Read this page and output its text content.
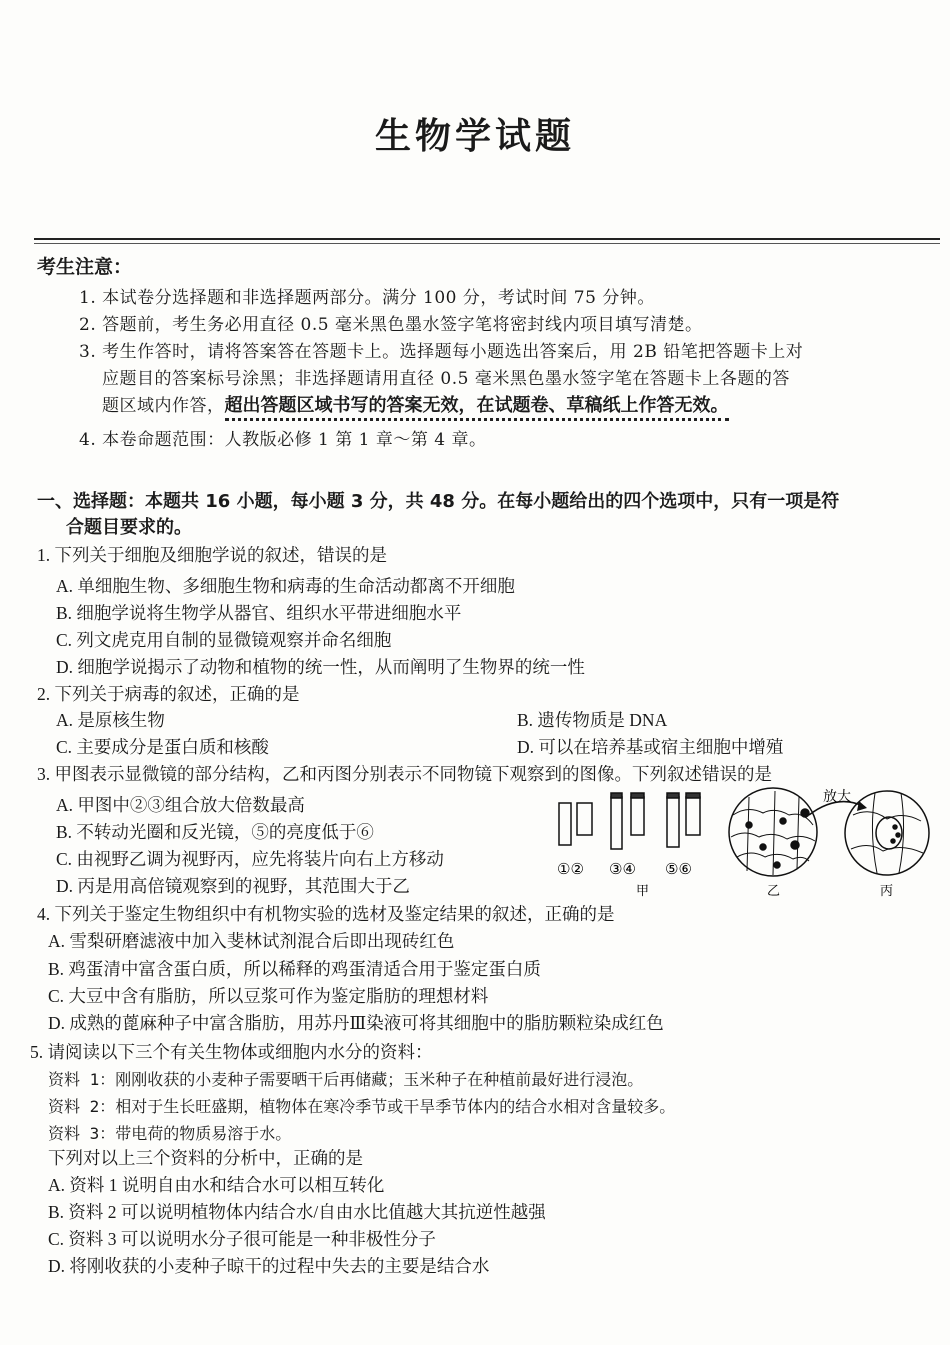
生物学试题
考生注意：
1. 本试卷分选择题和非选择题两部分。满分 100 分，考试时间 75 分钟。
2. 答题前，考生务必用直径 0.5 毫米黑色墨水签字笔将密封线内项目填写清楚。
3. 考生作答时，请将答案答在答题卡上。选择题每小题选出答案后，用 2B 铅笔把答题卡上对
应题目的答案标号涂黑；非选择题请用直径 0.5 毫米黑色墨水签字笔在答题卡上各题的答
题区域内作答，超出答题区域书写的答案无效，在试题卷、草稿纸上作答无效。
4. 本卷命题范围：人教版必修 1 第 1 章～第 4 章。
一、选择题：本题共 16 小题，每小题 3 分，共 48 分。在每小题给出的四个选项中，只有一项是符
合题目要求的。
1. 下列关于细胞及细胞学说的叙述，错误的是
A. 单细胞生物、多细胞生物和病毒的生命活动都离不开细胞
B. 细胞学说将生物学从器官、组织水平带进细胞水平
C. 列文虎克用自制的显微镜观察并命名细胞
D. 细胞学说揭示了动物和植物的统一性，从而阐明了生物界的统一性
2. 下列关于病毒的叙述，正确的是
A. 是原核生物	B. 遗传物质是 DNA
C. 主要成分是蛋白质和核酸	D. 可以在培养基或宿主细胞中增殖
3. 甲图表示显微镜的部分结构，乙和丙图分别表示不同物镜下观察到的图像。下列叙述错误的是
A. 甲图中②③组合放大倍数最高
B. 不转动光圈和反光镜，⑤的亮度低于⑥
C. 由视野乙调为视野丙，应先将装片向右上方移动
D. 丙是用高倍镜观察到的视野，其范围大于乙
①② ③④ ⑤⑥
甲	乙
放大
丙
4. 下列关于鉴定生物组织中有机物实验的选材及鉴定结果的叙述，正确的是
A. 雪梨研磨滤液中加入斐林试剂混合后即出现砖红色
B. 鸡蛋清中富含蛋白质，所以稀释的鸡蛋清适合用于鉴定蛋白质
C. 大豆中含有脂肪，所以豆浆可作为鉴定脂肪的理想材料
D. 成熟的蓖麻种子中富含脂肪，用苏丹Ⅲ染液可将其细胞中的脂肪颗粒染成红色
5. 请阅读以下三个有关生物体或细胞内水分的资料：
资料 1：刚刚收获的小麦种子需要晒干后再储藏；玉米种子在种植前最好进行浸泡。
资料 2：相对于生长旺盛期，植物体在寒冷季节或干旱季节体内的结合水相对含量较多。
资料 3：带电荷的物质易溶于水。
下列对以上三个资料的分析中，正确的是
A. 资料 1 说明自由水和结合水可以相互转化
B. 资料 2 可以说明植物体内结合水/自由水比值越大其抗逆性越强
C. 资料 3 可以说明水分子很可能是一种非极性分子
D. 将刚收获的小麦种子晾干的过程中失去的主要是结合水
